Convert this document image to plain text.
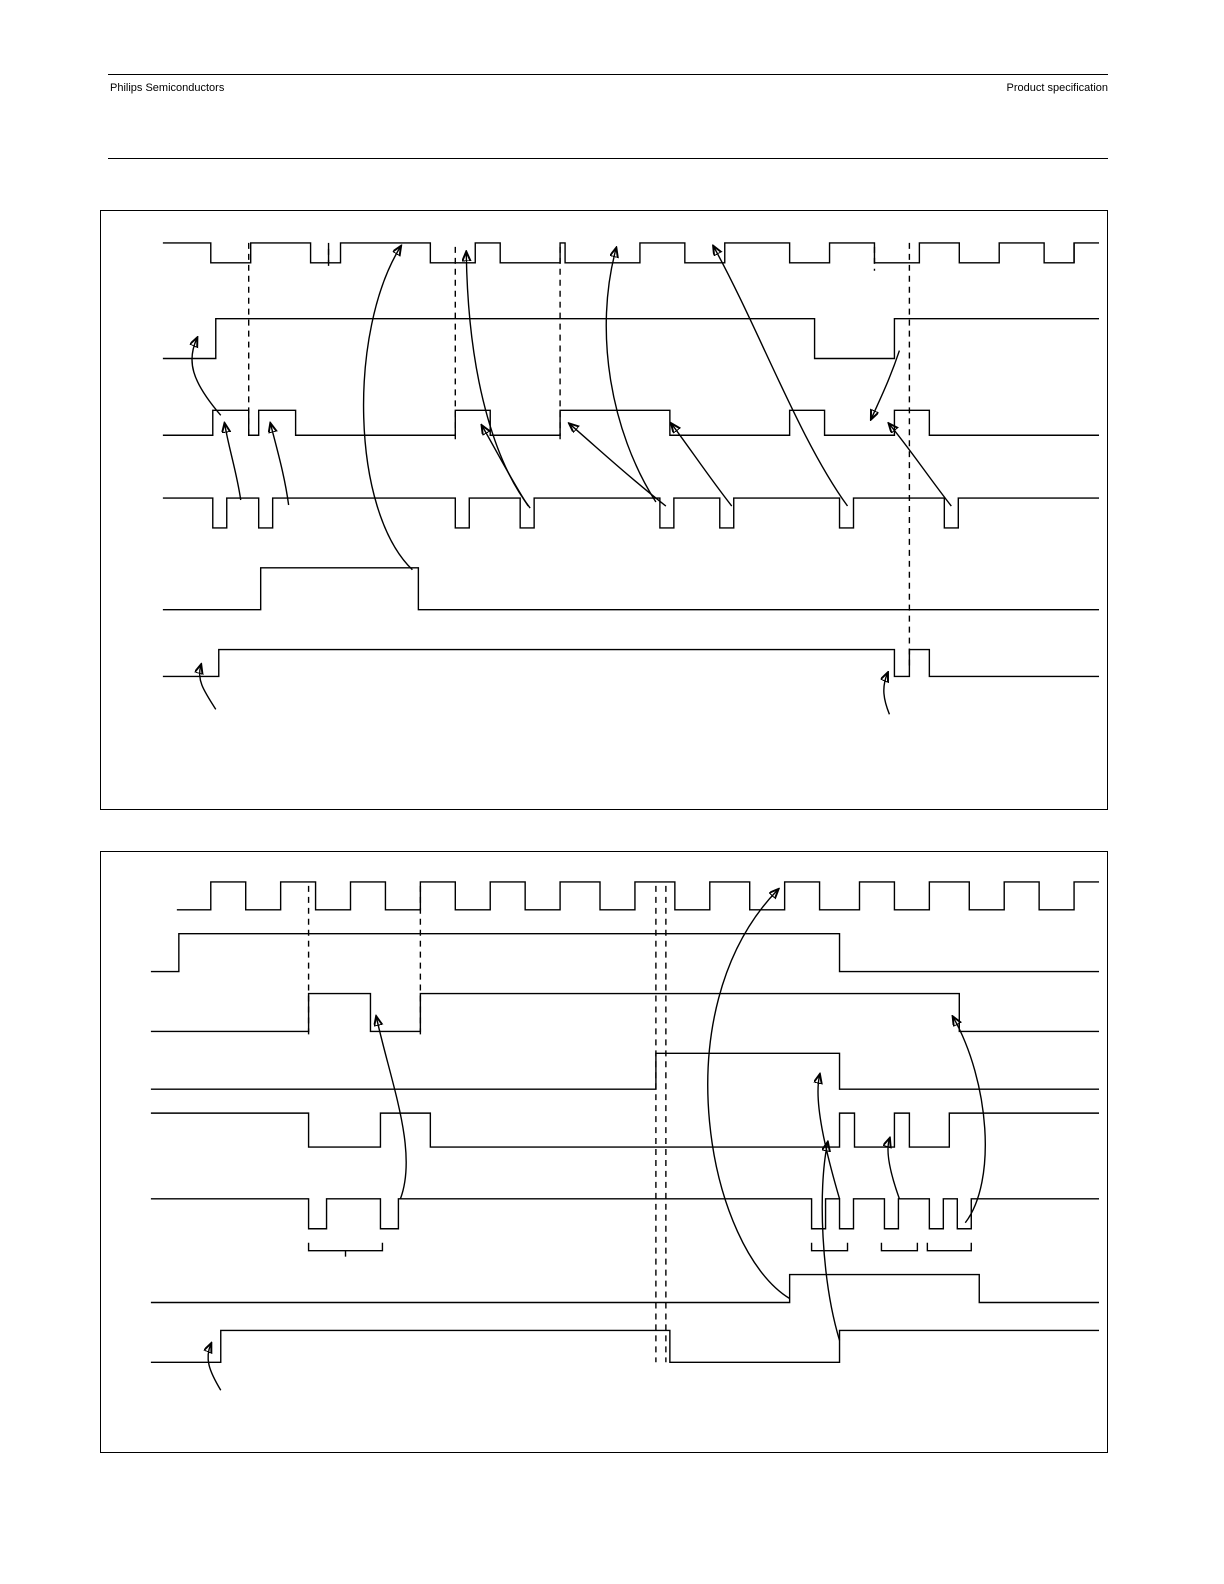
Philips Semiconductors	Product specification
